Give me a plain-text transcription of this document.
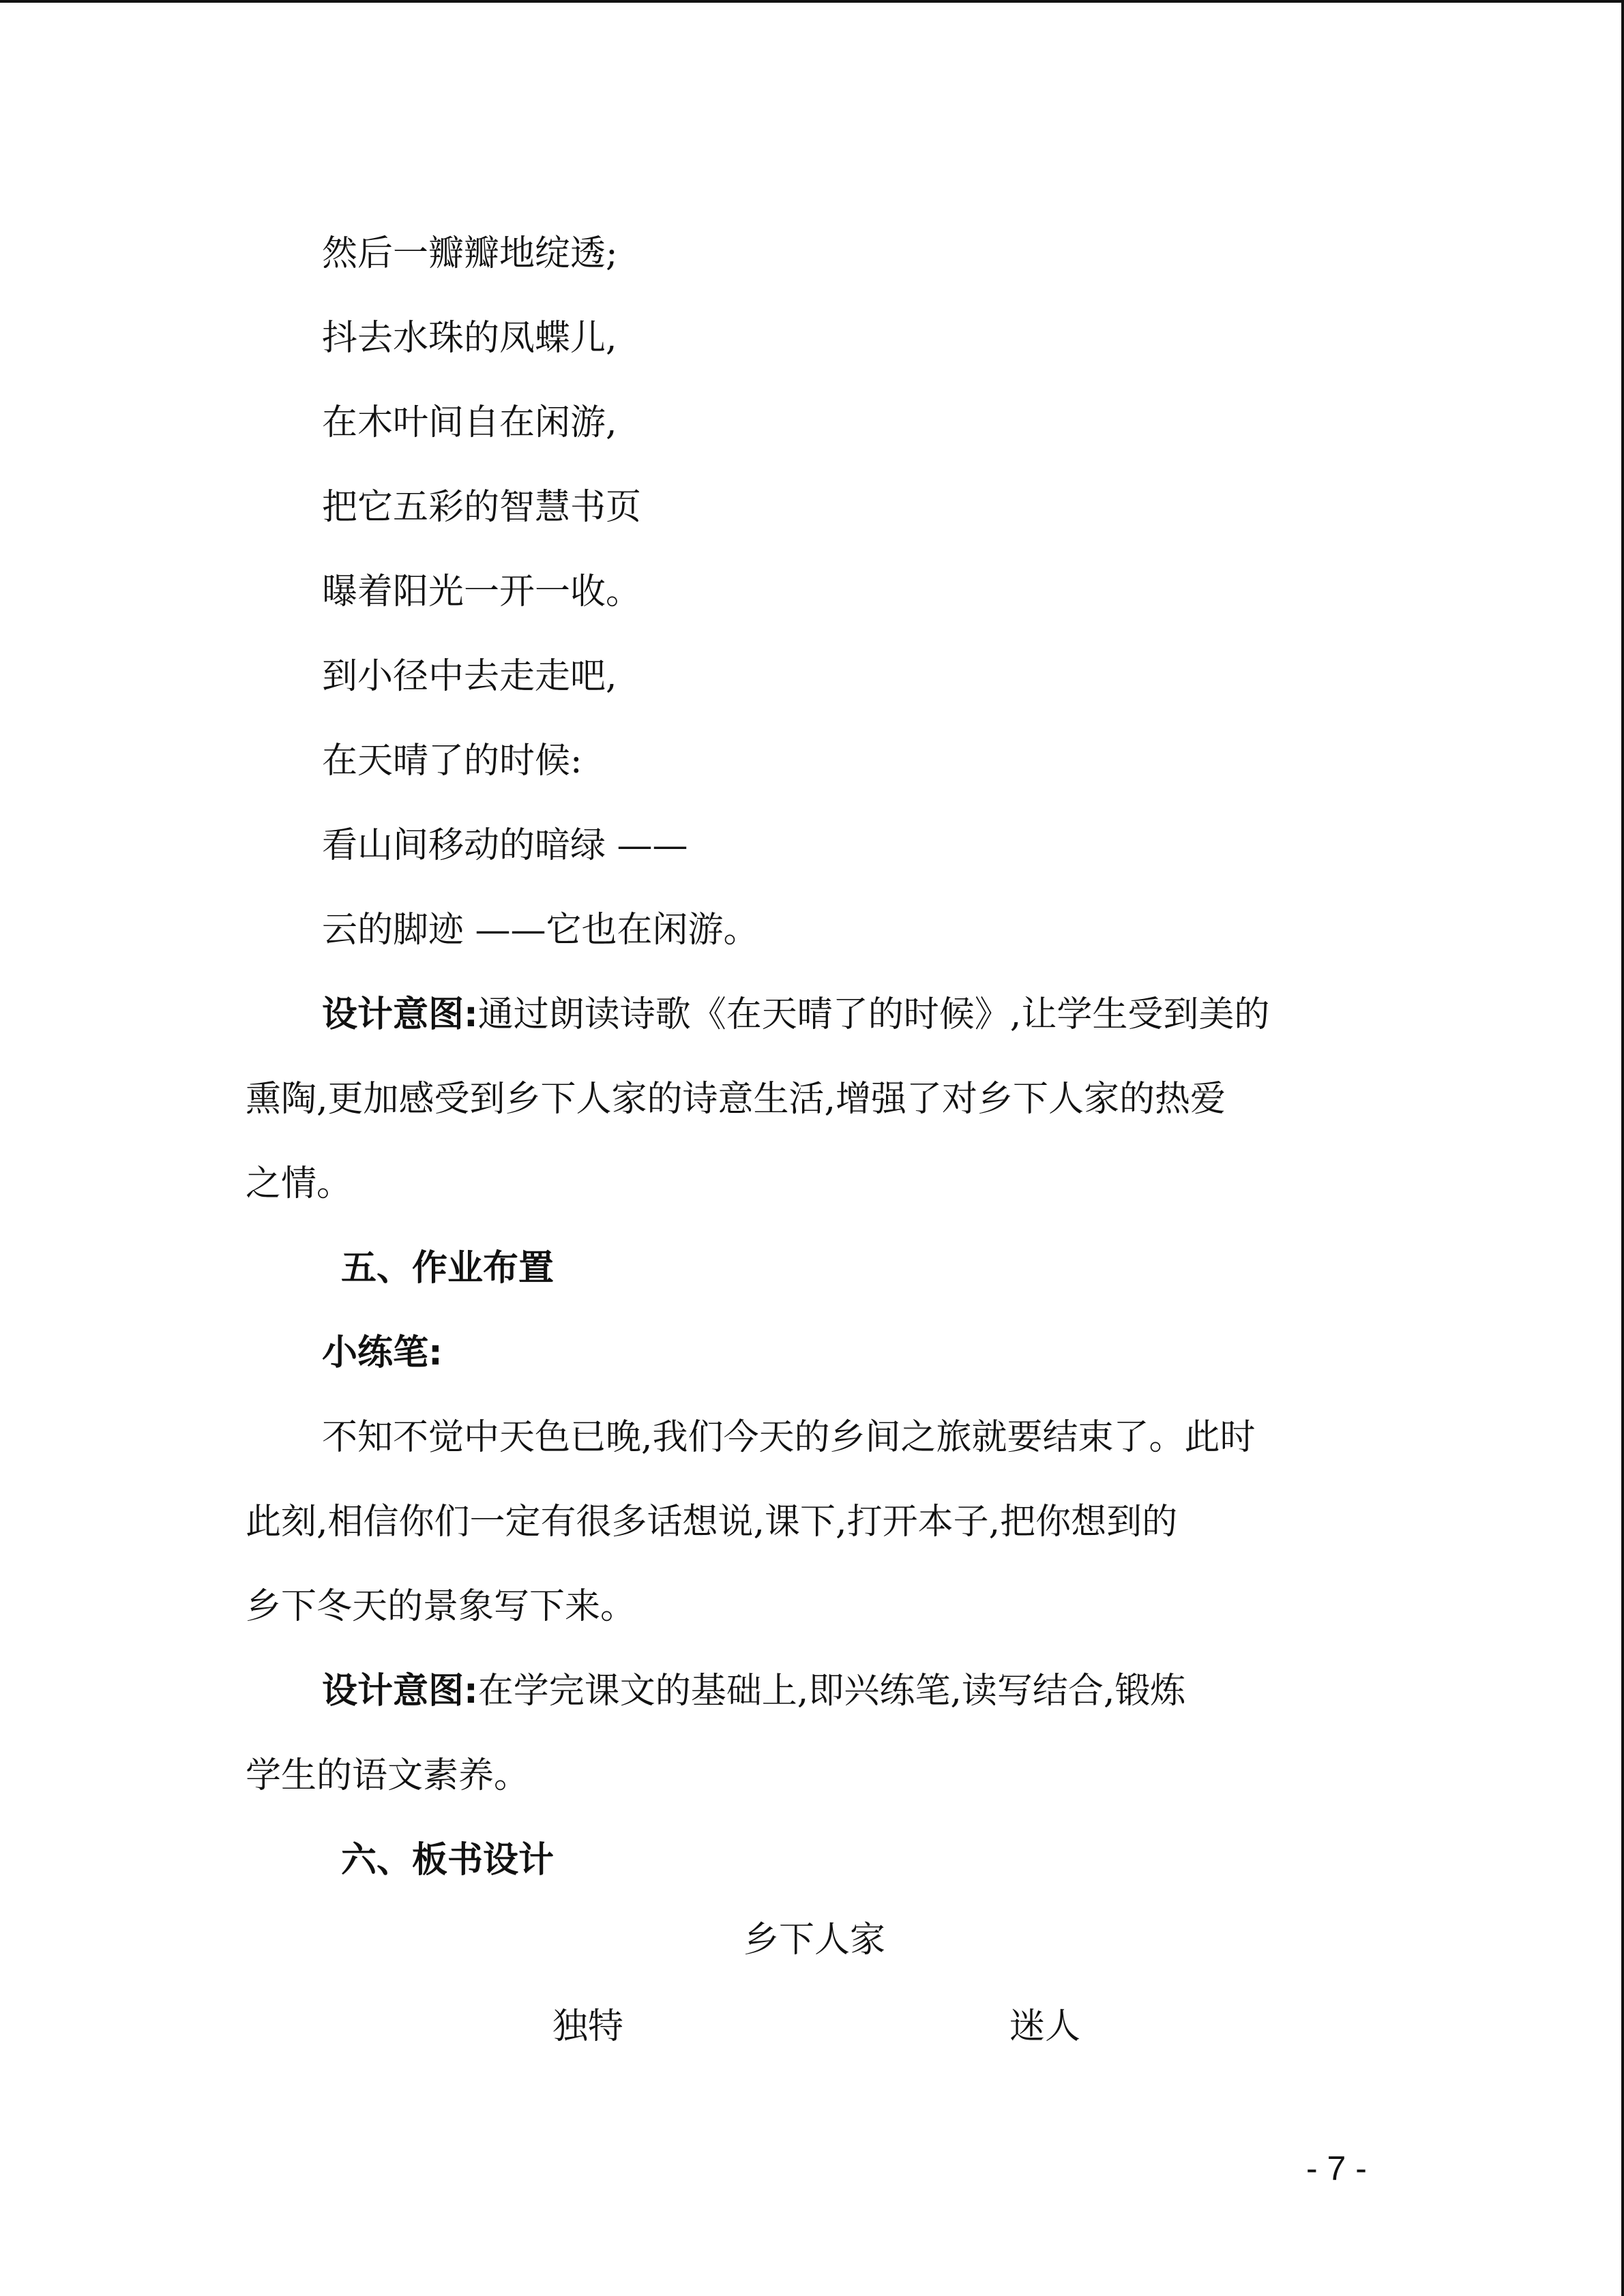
然后一瓣瓣地绽透;
抖去水珠的凤蝶儿,
在木叶间自在闲游,
把它五彩的智慧书页
曝着阳光一开一收。
到小径中去走走吧,
在天晴了的时候:
看山间移动的暗绿 ——
云的脚迹 ——它也在闲游。
设计意图:通过朗读诗歌《在天晴了的时候》,让学生受到美的
熏陶,更加感受到乡下人家的诗意生活,增强了对乡下人家的热爱
之情。
五、作业布置
小练笔:
不知不觉中天色已晚,我们今天的乡间之旅就要结束了。此时
此刻,相信你们一定有很多话想说,课下,打开本子,把你想到的
乡下冬天的景象写下来。
设计意图:在学完课文的基础上,即兴练笔,读写结合,锻炼
学生的语文素养。
六、板书设计
乡下人家
独特	迷人
- 7 -
